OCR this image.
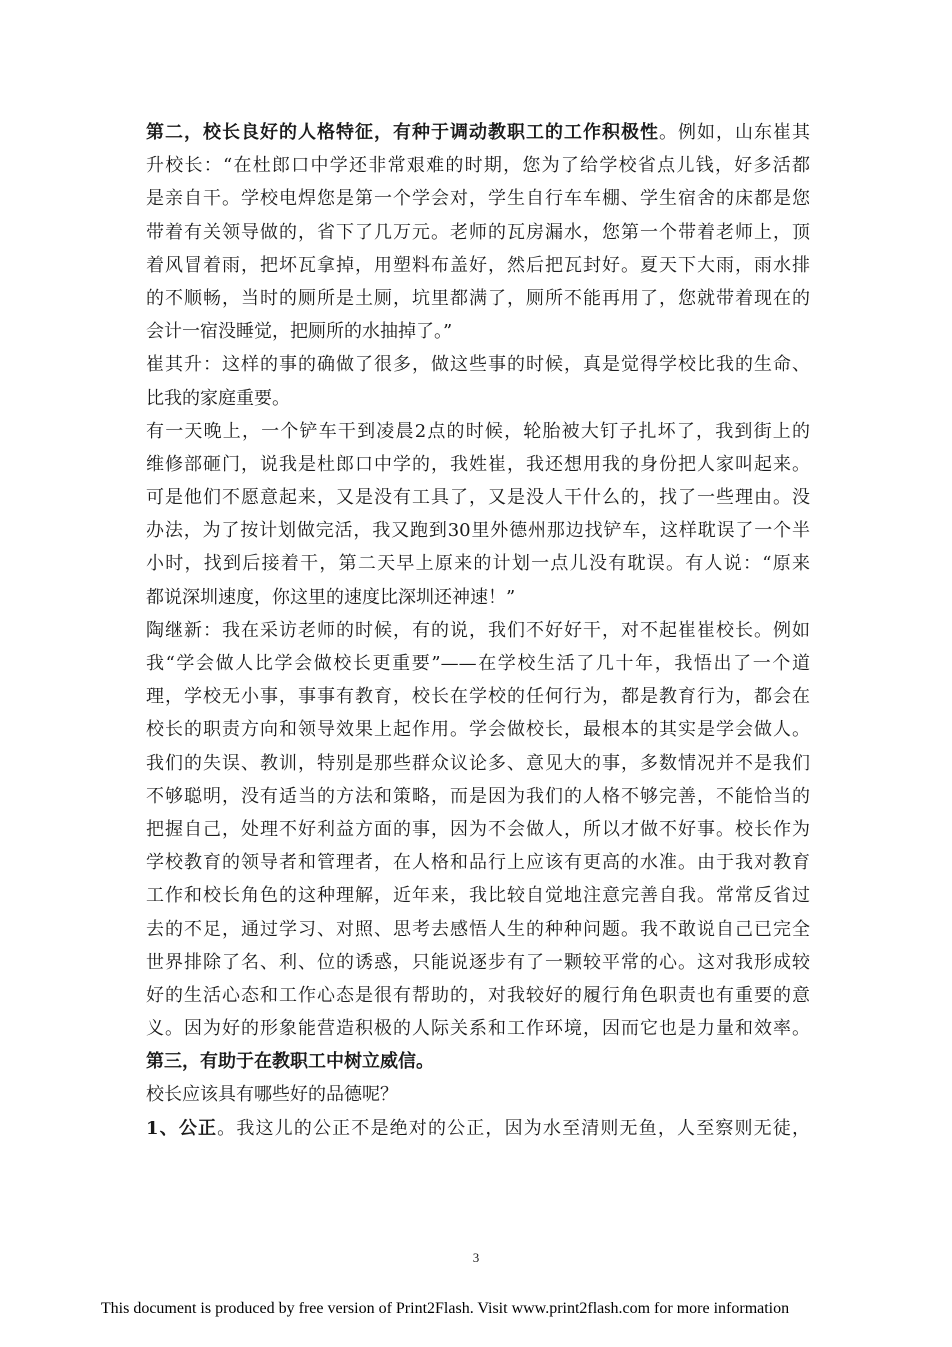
第二，校长良好的人格特征，有种于调动教职工的工作积极性。例如，山东崔其
升校长：“在杜郎口中学还非常艰难的时期，您为了给学校省点儿钱，好多活都
是亲自干。学校电焊您是第一个学会对，学生自行车车棚、学生宿舍的床都是您
带着有关领导做的，省下了几万元。老师的瓦房漏水，您第一个带着老师上，顶
着风冒着雨，把坏瓦拿掉，用塑料布盖好，然后把瓦封好。夏天下大雨，雨水排
的不顺畅，当时的厕所是土厕，坑里都满了，厕所不能再用了，您就带着现在的
会计一宿没睡觉，把厕所的水抽掉了。”
崔其升：这样的事的确做了很多，做这些事的时候，真是觉得学校比我的生命、
比我的家庭重要。
有一天晚上，一个铲车干到凌晨2点的时候，轮胎被大钉子扎坏了，我到街上的
维修部砸门，说我是杜郎口中学的，我姓崔，我还想用我的身份把人家叫起来。
可是他们不愿意起来，又是没有工具了，又是没人干什么的，找了一些理由。没
办法，为了按计划做完活，我又跑到30里外德州那边找铲车，这样耽误了一个半
小时，找到后接着干，第二天早上原来的计划一点儿没有耽误。有人说：“原来
都说深圳速度，你这里的速度比深圳还神速！”
陶继新：我在采访老师的时候，有的说，我们不好好干，对不起崔崔校长。例如
我“学会做人比学会做校长更重要”——在学校生活了几十年，我悟出了一个道
理，学校无小事，事事有教育，校长在学校的任何行为，都是教育行为，都会在
校长的职责方向和领导效果上起作用。学会做校长，最根本的其实是学会做人。
我们的失误、教训，特别是那些群众议论多、意见大的事，多数情况并不是我们
不够聪明，没有适当的方法和策略，而是因为我们的人格不够完善，不能恰当的
把握自己，处理不好利益方面的事，因为不会做人，所以才做不好事。校长作为
学校教育的领导者和管理者，在人格和品行上应该有更高的水准。由于我对教育
工作和校长角色的这种理解，近年来，我比较自觉地注意完善自我。常常反省过
去的不足，通过学习、对照、思考去感悟人生的种种问题。我不敢说自己已完全
世界排除了名、利、位的诱惑，只能说逐步有了一颗较平常的心。这对我形成较
好的生活心态和工作心态是很有帮助的，对我较好的履行角色职责也有重要的意
义。因为好的形象能营造积极的人际关系和工作环境，因而它也是力量和效率。
第三，有助于在教职工中树立威信。
校长应该具有哪些好的品德呢？
1、公正。我这儿的公正不是绝对的公正，因为水至清则无鱼，人至察则无徒，
3
This document is produced by free version of Print2Flash. Visit www.print2flash.com for more information
